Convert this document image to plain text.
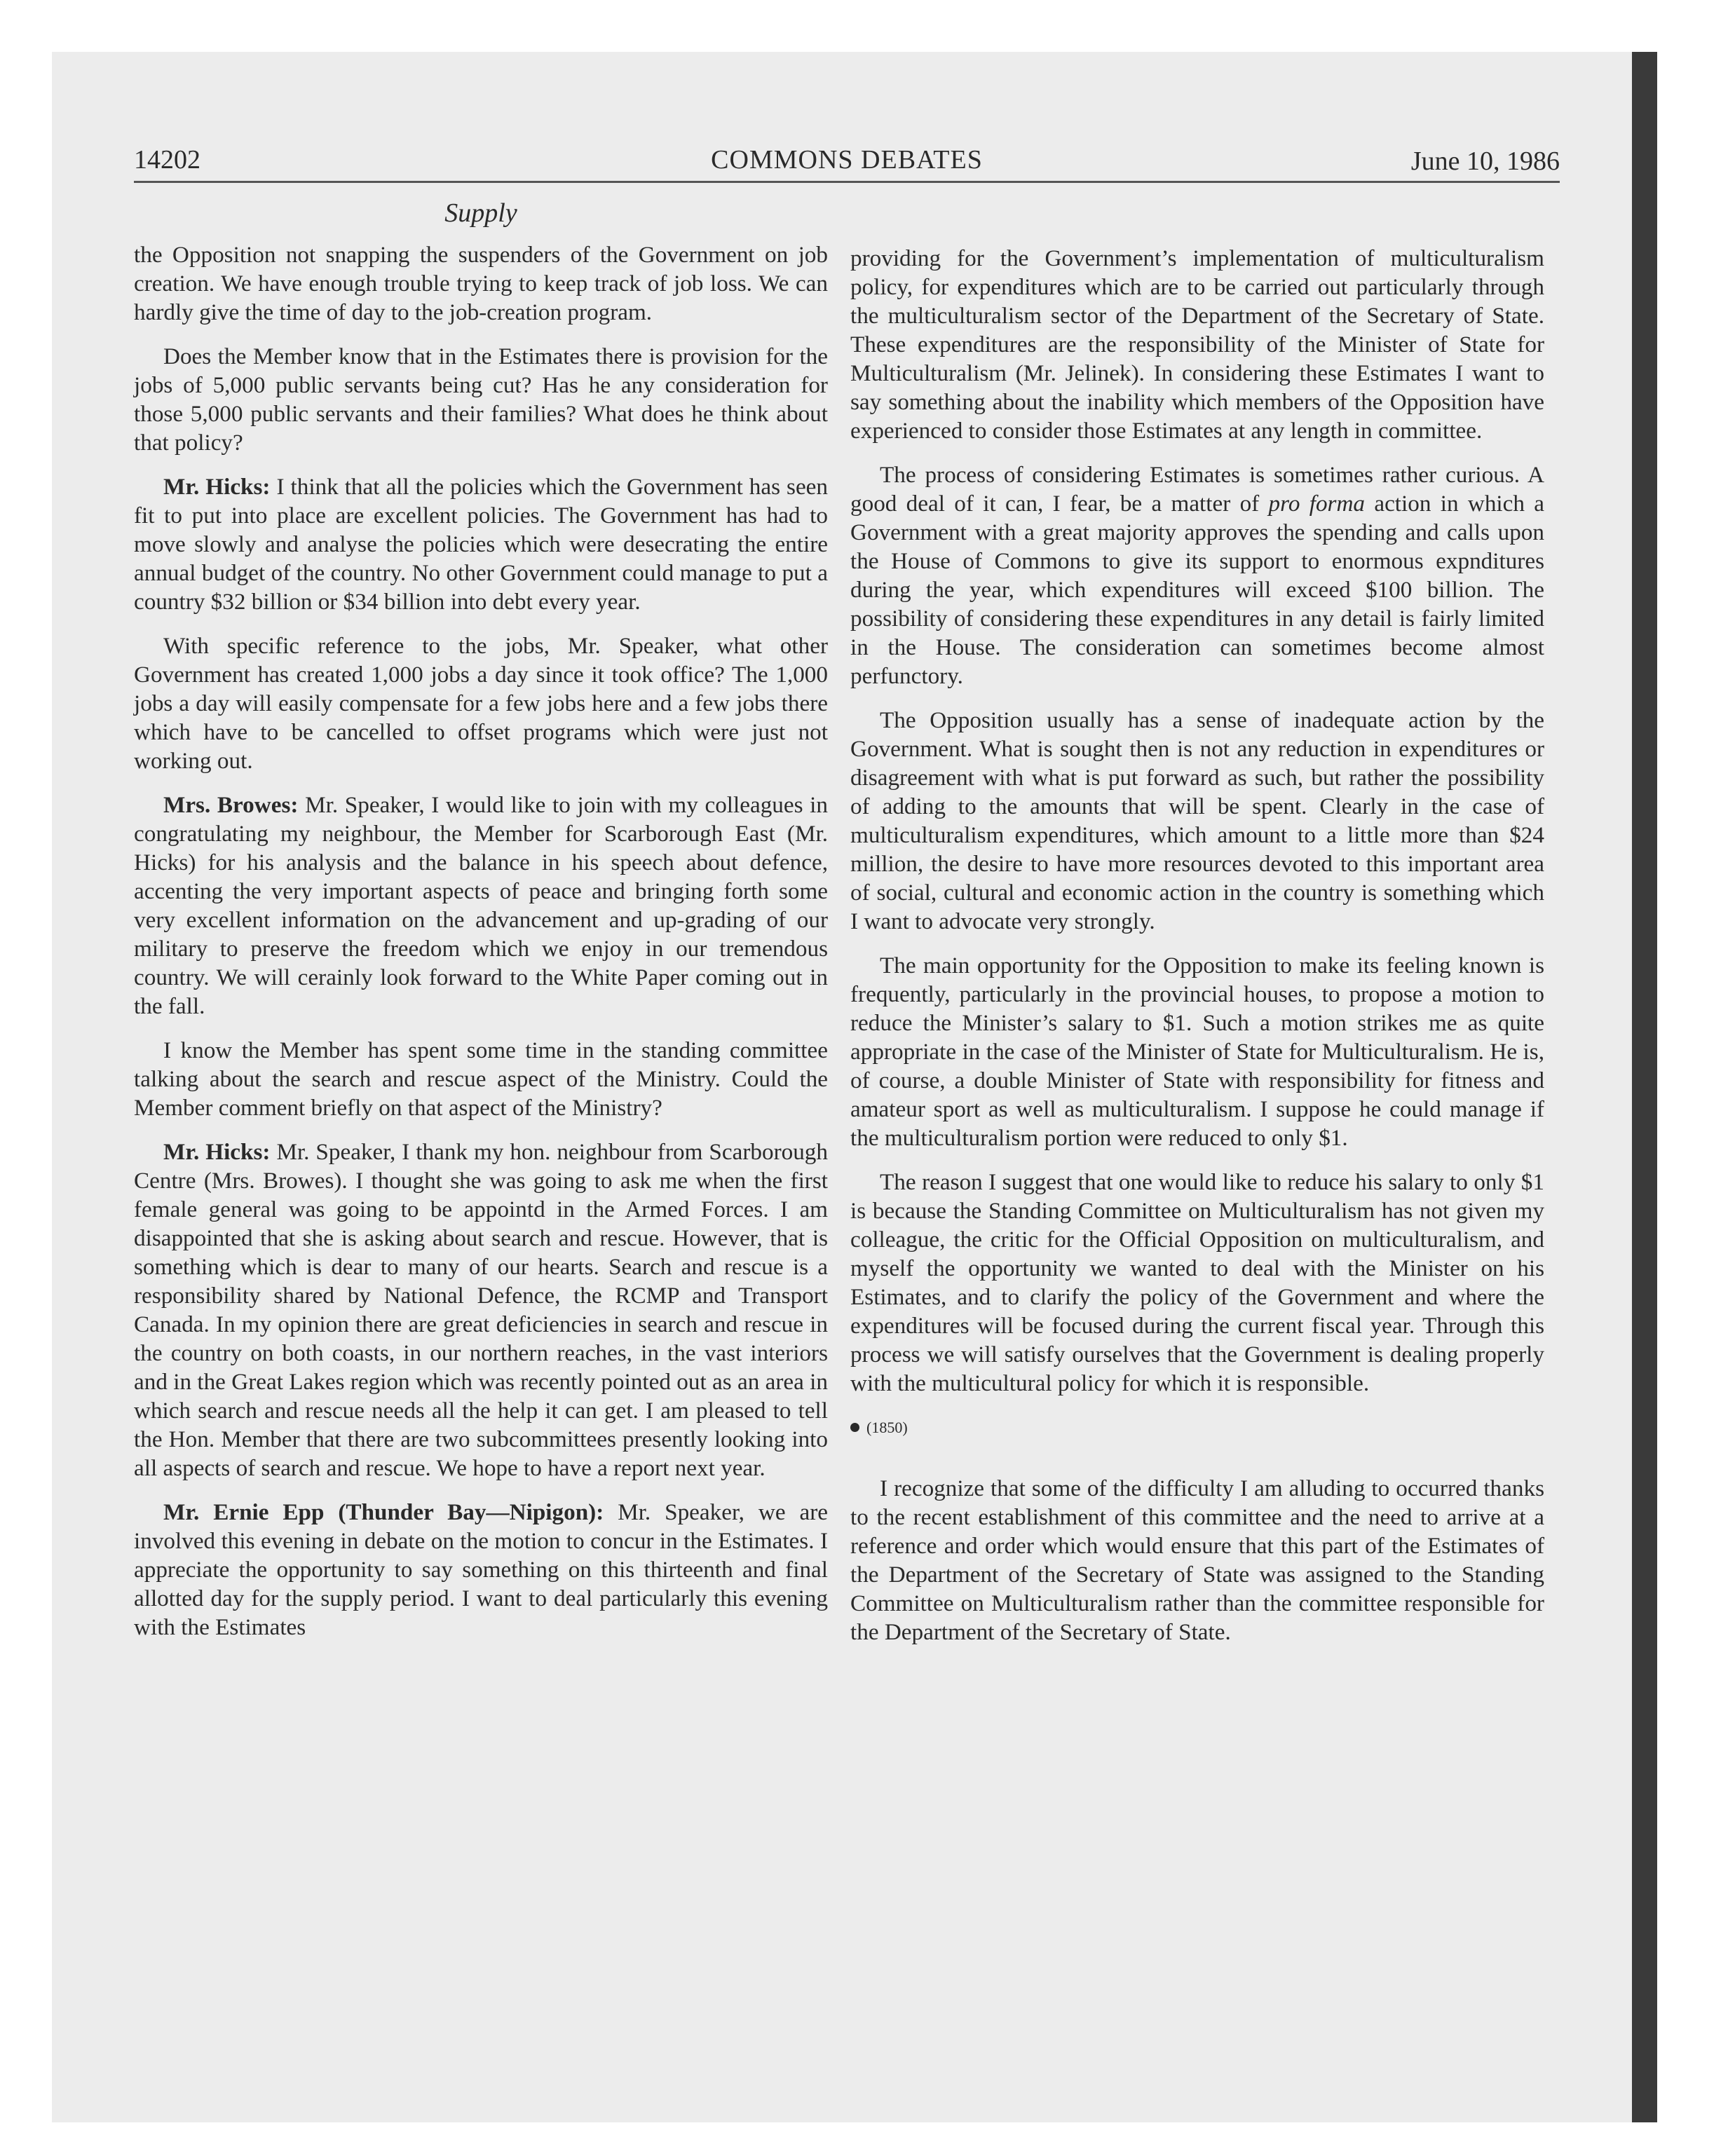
14202	COMMONS DEBATES	June 10, 1986
Supply

the Opposition not snapping the suspenders of the Government on job creation. We have enough trouble trying to keep track of job loss. We can hardly give the time of day to the job-creation program.

Does the Member know that in the Estimates there is provision for the jobs of 5,000 public servants being cut? Has he any consideration for those 5,000 public servants and their families? What does he think about that policy?

Mr. Hicks: I think that all the policies which the Government has seen fit to put into place are excellent policies. The Government has had to move slowly and analyse the policies which were desecrating the entire annual budget of the country. No other Government could manage to put a country $32 billion or $34 billion into debt every year.

With specific reference to the jobs, Mr. Speaker, what other Government has created 1,000 jobs a day since it took office? The 1,000 jobs a day will easily compensate for a few jobs here and a few jobs there which have to be cancelled to offset programs which were just not working out.

Mrs. Browes: Mr. Speaker, I would like to join with my colleagues in congratulating my neighbour, the Member for Scarborough East (Mr. Hicks) for his analysis and the balance in his speech about defence, accenting the very important aspects of peace and bringing forth some very excellent information on the advancement and up-grading of our military to preserve the freedom which we enjoy in our tremendous country. We will cerainly look forward to the White Paper coming out in the fall.

I know the Member has spent some time in the standing committee talking about the search and rescue aspect of the Ministry. Could the Member comment briefly on that aspect of the Ministry?

Mr. Hicks: Mr. Speaker, I thank my hon. neighbour from Scarborough Centre (Mrs. Browes). I thought she was going to ask me when the first female general was going to be appointd in the Armed Forces. I am disappointed that she is asking about search and rescue. However, that is something which is dear to many of our hearts. Search and rescue is a responsibility shared by National Defence, the RCMP and Transport Canada. In my opinion there are great deficiencies in search and rescue in the country on both coasts, in our northern reaches, in the vast interiors and in the Great Lakes region which was recently pointed out as an area in which search and rescue needs all the help it can get. I am pleased to tell the Hon. Member that there are two subcommittees presently looking into all aspects of search and rescue. We hope to have a report next year.

Mr. Ernie Epp (Thunder Bay—Nipigon): Mr. Speaker, we are involved this evening in debate on the motion to concur in the Estimates. I appreciate the opportunity to say something on this thirteenth and final allotted day for the supply period. I want to deal particularly this evening with the Estimates

providing for the Government’s implementation of multiculturalism policy, for expenditures which are to be carried out particularly through the multiculturalism sector of the Department of the Secretary of State. These expenditures are the responsibility of the Minister of State for Multiculturalism (Mr. Jelinek). In considering these Estimates I want to say something about the inability which members of the Opposition have experienced to consider those Estimates at any length in committee.

The process of considering Estimates is sometimes rather curious. A good deal of it can, I fear, be a matter of pro forma action in which a Government with a great majority approves the spending and calls upon the House of Commons to give its support to enormous expnditures during the year, which expenditures will exceed $100 billion. The possibility of considering these expenditures in any detail is fairly limited in the House. The consideration can sometimes become almost perfunctory.

The Opposition usually has a sense of inadequate action by the Government. What is sought then is not any reduction in expenditures or disagreement with what is put forward as such, but rather the possibility of adding to the amounts that will be spent. Clearly in the case of multiculturalism expenditures, which amount to a little more than $24 million, the desire to have more resources devoted to this important area of social, cultural and economic action in the country is something which I want to advocate very strongly.

The main opportunity for the Opposition to make its feeling known is frequently, particularly in the provincial houses, to propose a motion to reduce the Minister’s salary to $1. Such a motion strikes me as quite appropriate in the case of the Minister of State for Multiculturalism. He is, of course, a double Minister of State with responsibility for fitness and amateur sport as well as multiculturalism. I suppose he could manage if the multiculturalism portion were reduced to only $1.

The reason I suggest that one would like to reduce his salary to only $1 is because the Standing Committee on Multiculturalism has not given my colleague, the critic for the Official Opposition on multiculturalism, and myself the opportunity we wanted to deal with the Minister on his Estimates, and to clarify the policy of the Government and where the expenditures will be focused during the current fiscal year. Through this process we will satisfy ourselves that the Government is dealing properly with the multicultural policy for which it is responsible.

(1850)

I recognize that some of the difficulty I am alluding to occurred thanks to the recent establishment of this committee and the need to arrive at a reference and order which would ensure that this part of the Estimates of the Department of the Secretary of State was assigned to the Standing Committee on Multiculturalism rather than the committee responsible for the Department of the Secretary of State.
